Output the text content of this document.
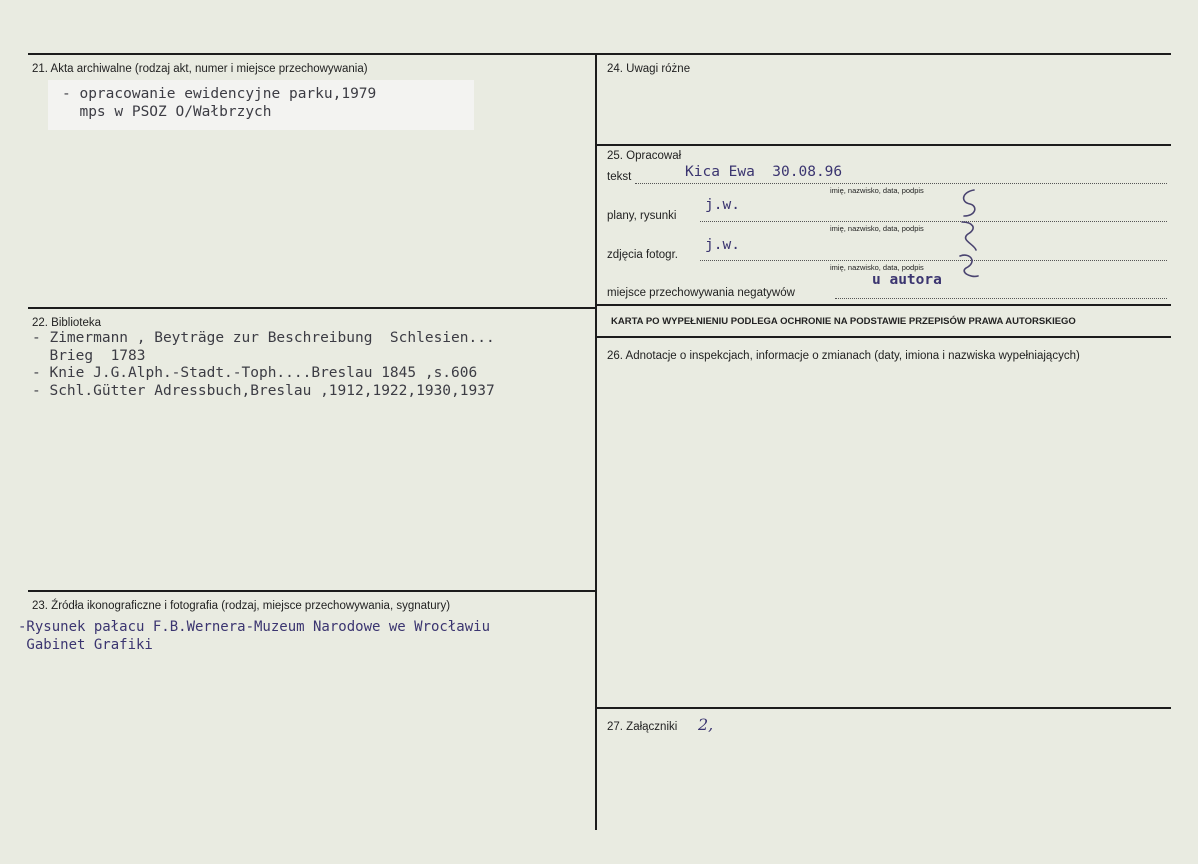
21. Akta archiwalne (rodzaj akt, numer i miejsce przechowywania)
- opracowanie ewidencyjne parku,1979
mps w PSOZ O/Wałbrzych
22. Biblioteka
- Zimermann , Beyträge zur Beschreibung  Schlesien...
Brieg  1783
- Knie J.G.Alph.-Stadt.-Toph....Breslau 1845 ,s.606
- Schl.Gütter Adressbuch,Breslau ,1912,1922,1930,1937
23. Źródła ikonograficzne i fotografia (rodzaj, miejsce przechowywania, sygnatury)
-Rysunek pałacu F.B.Wernera-Muzeum Narodowe we Wrocławiu
Gabinet Grafiki
24. Uwagi różne
25. Opracował
tekst	Kica Ewa  30.08.96
imię, nazwisko, data, podpis
plany, rysunki
j.w.
imię, nazwisko, data, podpis
zdjęcia fotogr.
j.w.
imię, nazwisko, data, podpis
miejsce przechowywania negatywów
u autora
KARTA PO WYPEŁNIENIU PODLEGA OCHRONIE NA PODSTAWIE PRZEPISÓW PRAWA AUTORSKIEGO
26. Adnotacje o inspekcjach, informacje o zmianach (daty, imiona i nazwiska wypełniających)
27. Załączniki 2,
